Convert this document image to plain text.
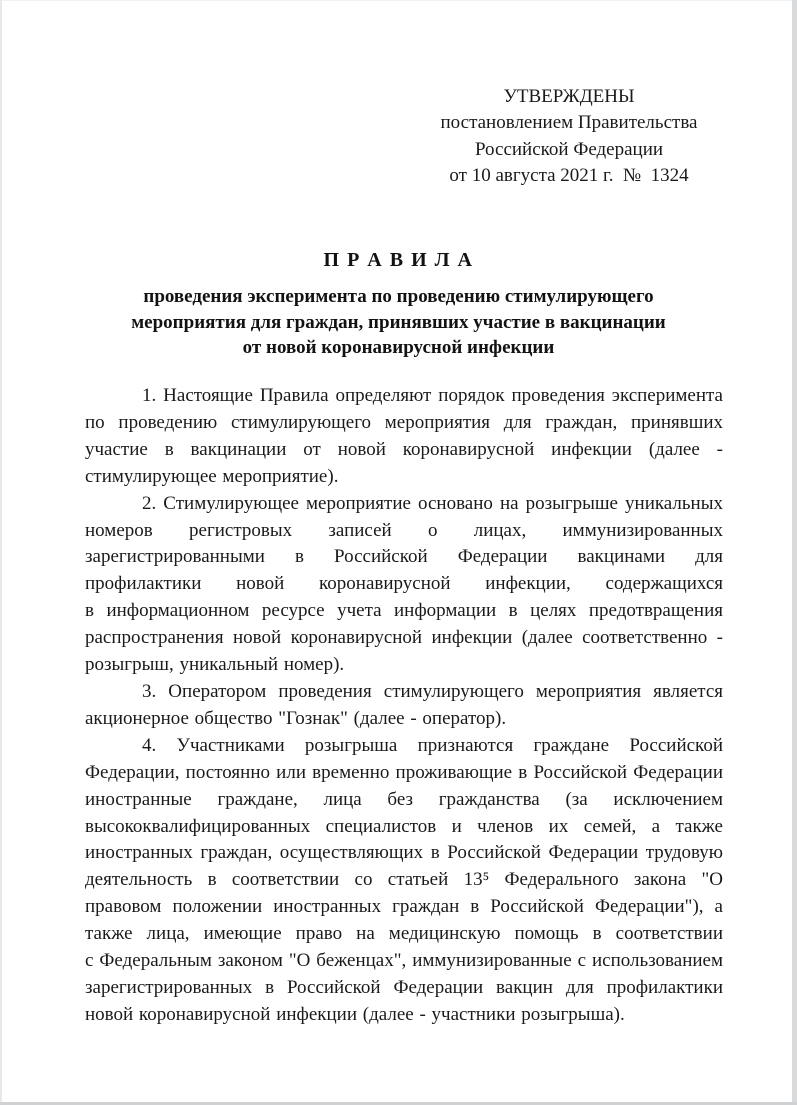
УТВЕРЖДЕНЫ
постановлением Правительства
Российской Федерации
от 10 августа 2021 г.  №  1324
П Р А В И Л А
проведения эксперимента по проведению стимулирующего
мероприятия для граждан, принявших участие в вакцинации
от новой коронавирусной инфекции

1. Настоящие Правила определяют порядок проведения эксперимента по проведению стимулирующего мероприятия для граждан, принявших участие в вакцинации от новой коронавирусной инфекции (далее - стимулирующее мероприятие).

2. Стимулирующее мероприятие основано на розыгрыше уникальных номеров регистровых записей о лицах, иммунизированных зарегистрированными в Российской Федерации вакцинами для профилактики новой коронавирусной инфекции, содержащихся в информационном ресурсе учета информации в целях предотвращения распространения новой коронавирусной инфекции (далее соответственно - розыгрыш, уникальный номер).

3. Оператором проведения стимулирующего мероприятия является акционерное общество "Гознак" (далее - оператор).

4. Участниками розыгрыша признаются граждане Российской Федерации, постоянно или временно проживающие в Российской Федерации иностранные граждане, лица без гражданства (за исключением высококвалифицированных специалистов и членов их семей, а также иностранных граждан, осуществляющих в Российской Федерации трудовую деятельность в соответствии со статьей 13⁵ Федерального закона "О правовом положении иностранных граждан в Российской Федерации"), а также лица, имеющие право на медицинскую помощь в соответствии с Федеральным законом "О беженцах", иммунизированные с использованием зарегистрированных в Российской Федерации вакцин для профилактики новой коронавирусной инфекции (далее - участники розыгрыша).
